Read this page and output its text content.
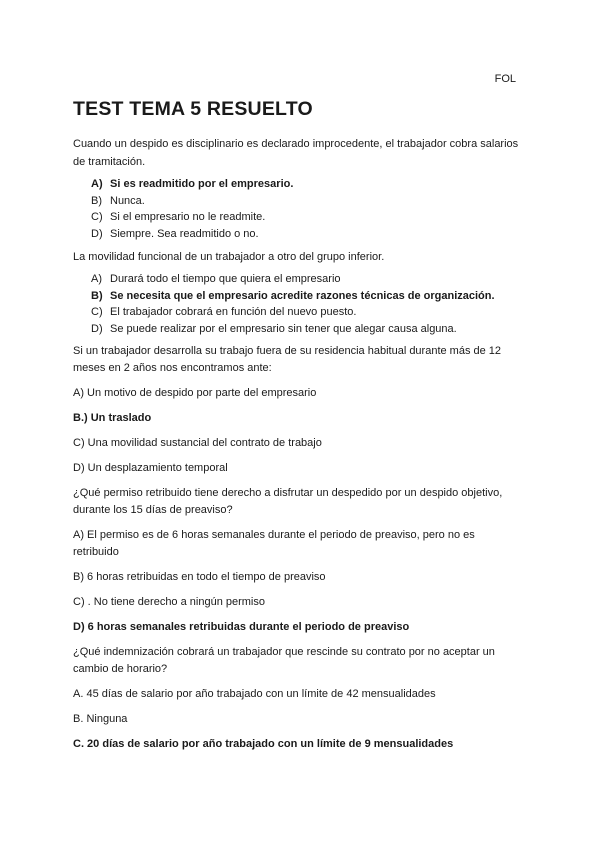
FOL
TEST TEMA 5 RESUELTO

Cuando un despido es disciplinario es declarado improcedente, el trabajador cobra salarios de tramitación.

A) Si es readmitido por el empresario.
B) Nunca.
C) Si el empresario no le readmite.
D) Siempre. Sea readmitido o no.

La movilidad funcional de un trabajador a otro del grupo inferior.

A) Durará todo el tiempo que quiera el empresario
B) Se necesita que el empresario acredite razones técnicas de organización.
C) El trabajador cobrará en función del nuevo puesto.
D) Se puede realizar por el empresario sin tener que alegar causa alguna.

Si un trabajador desarrolla su trabajo fuera de su residencia habitual durante más de 12 meses en 2 años nos encontramos ante:

A) Un motivo de despido por parte del empresario

B.) Un traslado

C) Una movilidad sustancial del contrato de trabajo

D) Un desplazamiento temporal

¿Qué permiso retribuido tiene derecho a disfrutar un despedido por un despido objetivo, durante los 15 días de preaviso?

A) El permiso es de 6 horas semanales durante el periodo de preaviso, pero no es retribuido

B) 6 horas retribuidas en todo el tiempo de preaviso

C) . No tiene derecho a ningún permiso

D) 6 horas semanales retribuidas durante el periodo de preaviso

¿Qué indemnización cobrará un trabajador que rescinde su contrato por no aceptar un cambio de horario?

A. 45 días de salario por año trabajado con un límite de 42 mensualidades

B. Ninguna

C. 20 días de salario por año trabajado con un límite de 9 mensualidades
